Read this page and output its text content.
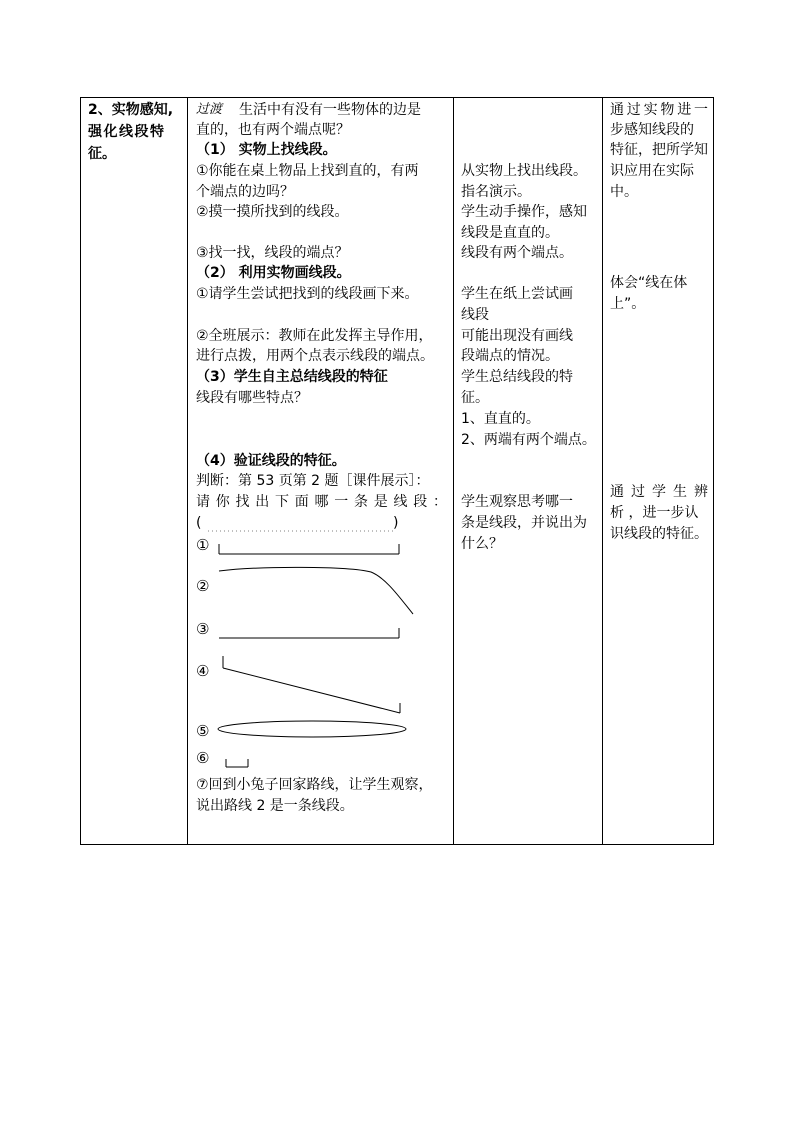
2、实物感知,
强化线段特
征。
过渡 生活中有没有一些物体的边是
直的，也有两个端点呢？
（1） 实物上找线段。
①你能在桌上物品上找到直的，有两
个端点的边吗？
②摸一摸所找到的线段。
③找一找，线段的端点？
（2） 利用实物画线段。
①请学生尝试把找到的线段画下来。
②全班展示：教师在此发挥主导作用，
进行点拨，用两个点表示线段的端点。
（3）学生自主总结线段的特征
线段有哪些特点？
（4）验证线段的特征。
判断：第 53 页第 2 题［课件展示］：
请 你 找 出 下 面 哪 一 条 是 线 段 ：
(	)
①
②
③
④
⑤
⑥
⑦回到小兔子回家路线，让学生观察，
说出路线 2 是一条线段。
从实物上找出线段。
指名演示。
学生动手操作，感知
线段是直直的。
线段有两个端点。
学生在纸上尝试画
线段
可能出现没有画线
段端点的情况。
学生总结线段的特
征。
1、直直的。
2、两端有两个端点。
学生观察思考哪一
条是线段，并说出为
什么？
通 过 实 物 进 一
步感知线段的
特征，把所学知
识应用在实际
中。
体会“线在体
上”。
通 过 学 生 辨
析 ，进一步认
识线段的特征。
